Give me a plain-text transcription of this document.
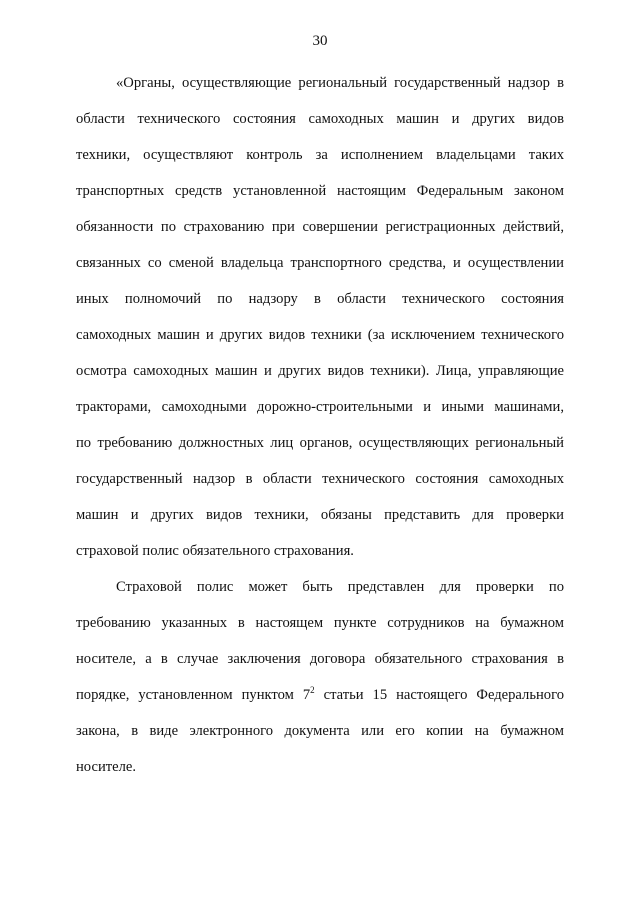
30
«Органы, осуществляющие региональный государственный надзор в
области технического состояния самоходных машин и других видов
техники, осуществляют контроль за исполнением владельцами таких
транспортных средств установленной настоящим Федеральным законом
обязанности по страхованию при совершении регистрационных действий,
связанных со сменой владельца транспортного средства, и осуществлении
иных полномочий по надзору в области технического состояния
самоходных машин и других видов техники (за исключением технического
осмотра самоходных машин и других видов техники). Лица, управляющие
тракторами, самоходными дорожно-строительными и иными машинами,
по требованию должностных лиц органов, осуществляющих региональный
государственный надзор в области технического состояния самоходных
машин и других видов техники, обязаны представить для проверки
страховой полис обязательного страхования.
Страховой полис может быть представлен для проверки по
требованию указанных в настоящем пункте сотрудников на бумажном
носителе, а в случае заключения договора обязательного страхования в
порядке, установленном пунктом $7^2$ статьи 15 настоящего Федерального
закона, в виде электронного документа или его копии на бумажном
носителе.
